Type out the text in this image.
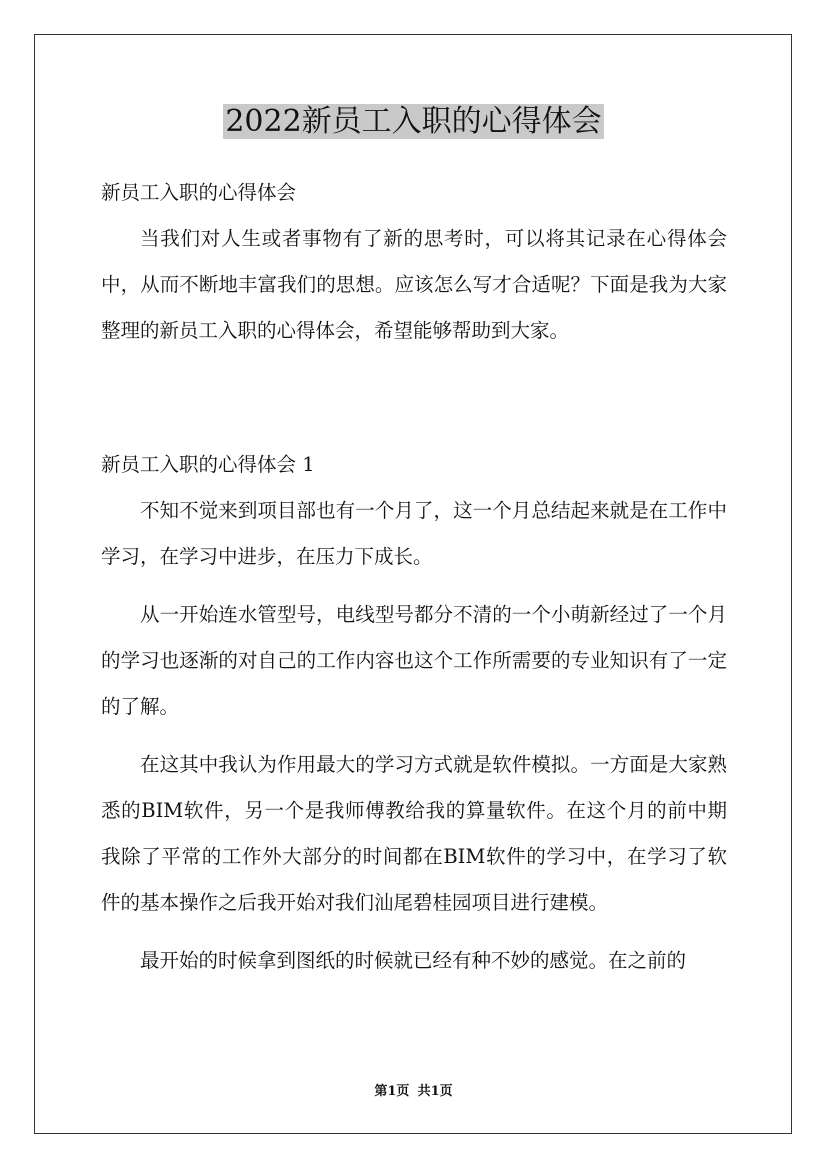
2022新员工入职的心得体会

新员工入职的心得体会

当我们对人生或者事物有了新的思考时，可以将其记录在心得体会中，从而不断地丰富我们的思想。应该怎么写才合适呢？下面是我为大家整理的新员工入职的心得体会，希望能够帮助到大家。

新员工入职的心得体会 1

不知不觉来到项目部也有一个月了，这一个月总结起来就是在工作中学习，在学习中进步，在压力下成长。

从一开始连水管型号，电线型号都分不清的一个小萌新经过了一个月的学习也逐渐的对自己的工作内容也这个工作所需要的专业知识有了一定的了解。

在这其中我认为作用最大的学习方式就是软件模拟。一方面是大家熟悉的BIM软件，另一个是我师傅教给我的算量软件。在这个月的前中期我除了平常的工作外大部分的时间都在BIM软件的学习中，在学习了软件的基本操作之后我开始对我们汕尾碧桂园项目进行建模。

最开始的时候拿到图纸的时候就已经有种不妙的感觉。在之前的

第1页 共1页
